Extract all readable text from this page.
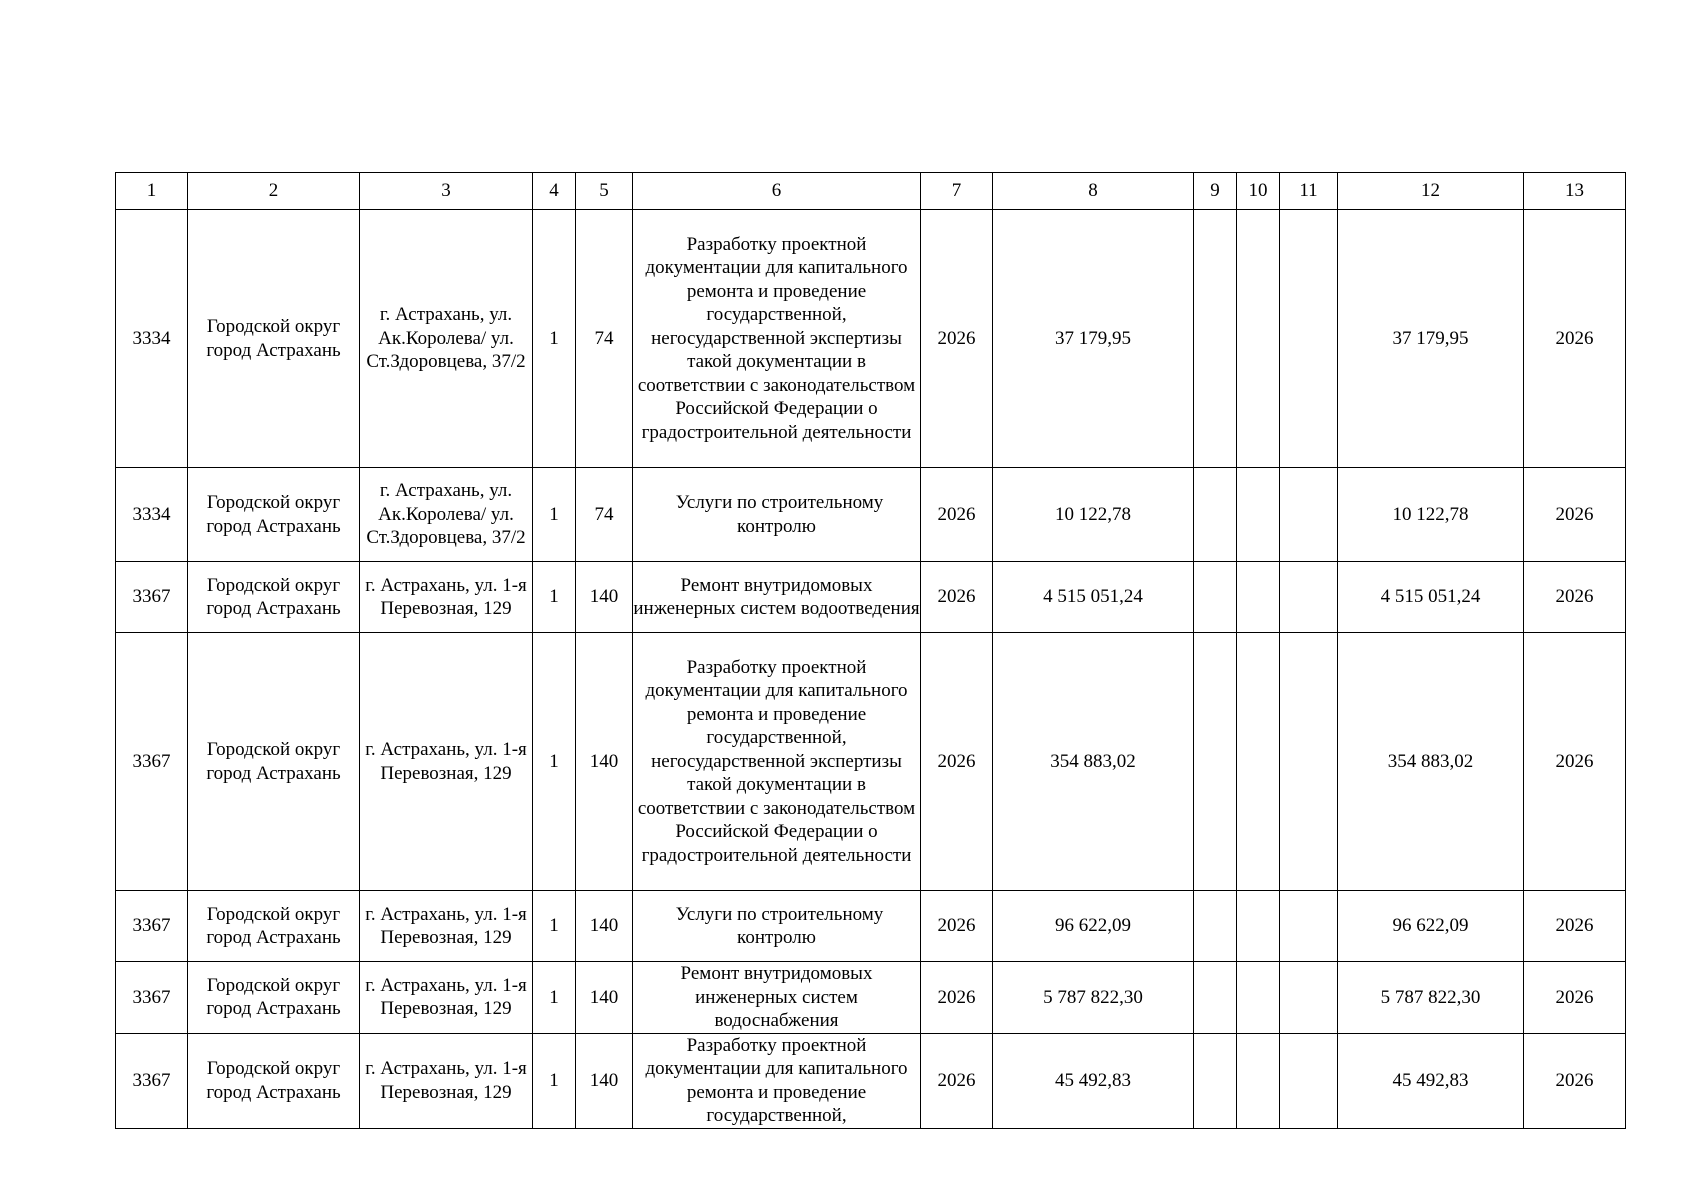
1	2	3	4	5	6	7	8	9	10	11	12	13
3334	Городской округ город Астрахань	г. Астрахань, ул. Ак.Королева/ ул. Ст.Здоровцева, 37/2	1	74	Разработку проектной документации для капитального ремонта и проведение государственной, негосударственной экспертизы такой документации в соответствии с законодательством Российской Федерации о градостроительной деятельности	2026	37 179,95				37 179,95	2026
3334	Городской округ город Астрахань	г. Астрахань, ул. Ак.Королева/ ул. Ст.Здоровцева, 37/2	1	74	Услуги по строительному контролю	2026	10 122,78				10 122,78	2026
3367	Городской округ город Астрахань	г. Астрахань, ул. 1-я Перевозная, 129	1	140	Ремонт внутридомовых инженерных систем водоотведения	2026	4 515 051,24				4 515 051,24	2026
3367	Городской округ город Астрахань	г. Астрахань, ул. 1-я Перевозная, 129	1	140	Разработку проектной документации для капитального ремонта и проведение государственной, негосударственной экспертизы такой документации в соответствии с законодательством Российской Федерации о градостроительной деятельности	2026	354 883,02				354 883,02	2026
3367	Городской округ город Астрахань	г. Астрахань, ул. 1-я Перевозная, 129	1	140	Услуги по строительному контролю	2026	96 622,09				96 622,09	2026
3367	Городской округ город Астрахань	г. Астрахань, ул. 1-я Перевозная, 129	1	140	Ремонт внутридомовых инженерных систем водоснабжения	2026	5 787 822,30				5 787 822,30	2026
3367	Городской округ город Астрахань	г. Астрахань, ул. 1-я Перевозная, 129	1	140	Разработку проектной документации для капитального ремонта и проведение государственной,	2026	45 492,83				45 492,83	2026
